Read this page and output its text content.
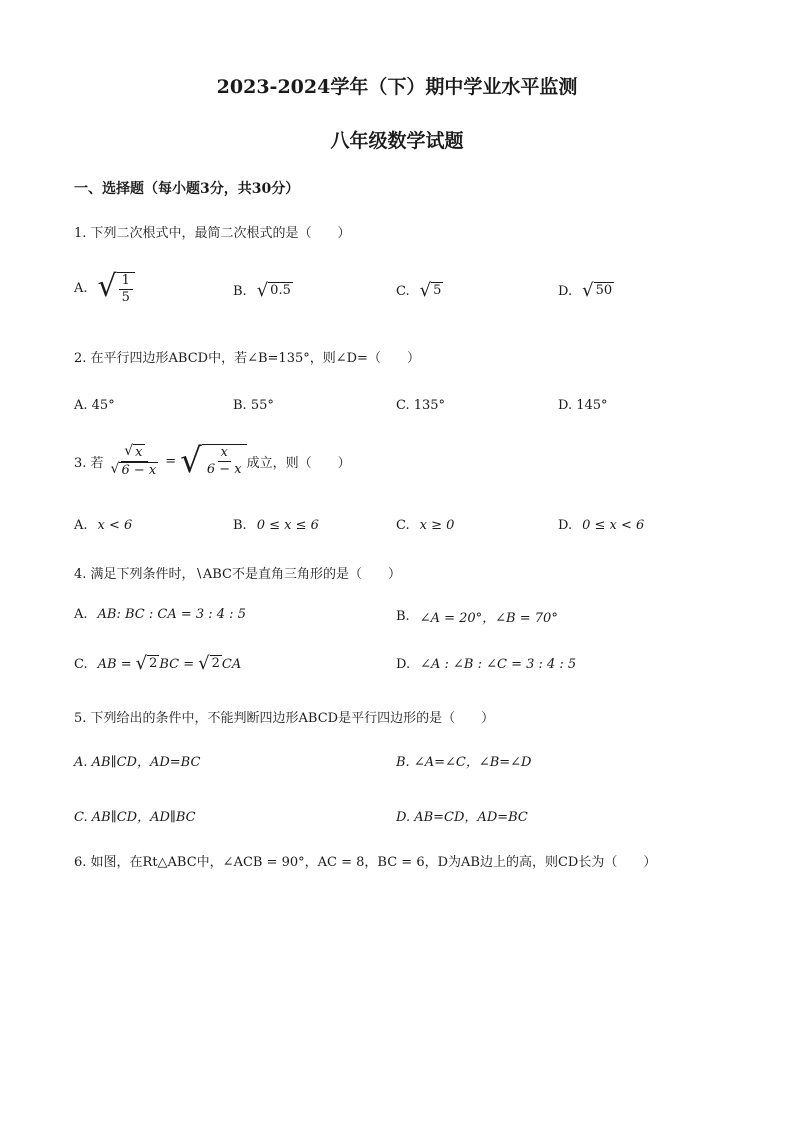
2023-2024学年（下）期中学业水平监测
八年级数学试题
一、选择题（每小题3分，共30分）
1. 下列二次根式中，最简二次根式的是（　　）
A. √ $\frac{1}{5}$	B. √ 0.5	C. √ 5	D. √ 50
2. 在平行四边形ABCD中，若∠B=135°，则∠D=（　　）
A. 45°	B. 55°	C. 135°	D. 145°
3. 若 $\frac{√ x}{√ 6 - x}$ = √ $\frac{x}{6 - x}$ 成立，则（　　）
A. x < 6	B. 0 ≤ x ≤ 6	C. x ≥ 0	D. 0 ≤ x < 6
4. 满足下列条件时，∖ABC不是直角三角形的是（　　）
A. AB: BC : CA = 3 : 4 : 5	B. ∠A = 20°，∠B = 70°
C. AB = √ 2 BC = √ 2 CA	D. ∠A : ∠B : ∠C = 3 : 4 : 5
5. 下列给出的条件中，不能判断四边形ABCD是平行四边形的是（　　）
A. AB∥CD，AD=BC	B. ∠A=∠C，∠B=∠D
C. AB∥CD，AD∥BC	D. AB=CD，AD=BC
6. 如图，在Rt△ABC中，∠ACB = 90°，AC = 8，BC = 6，D为AB边上的高，则CD长为（　　）
